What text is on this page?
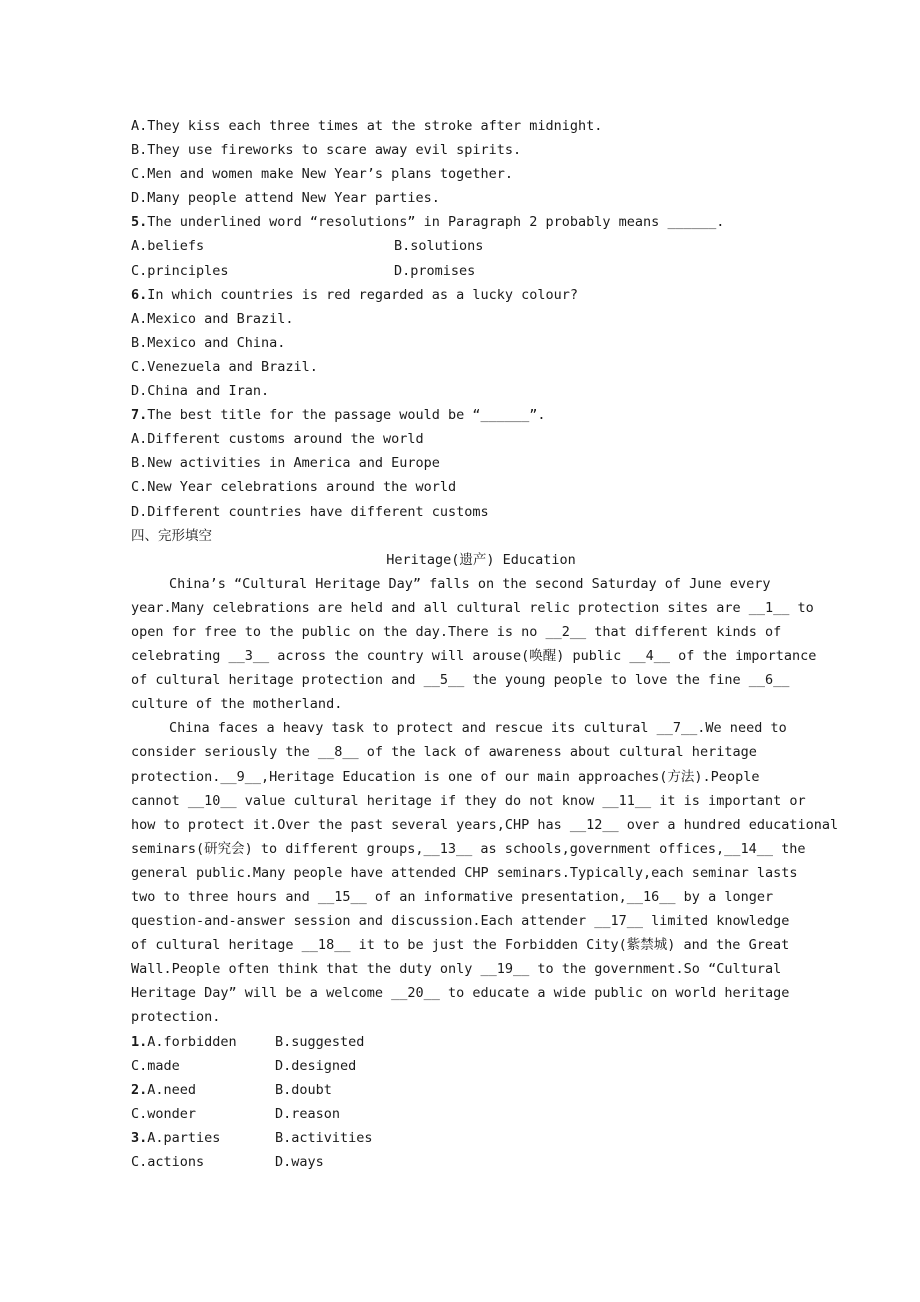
A.They kiss each three times at the stroke after midnight.
B.They use fireworks to scare away evil spirits.
C.Men and women make New Year’s plans together.
D.Many people attend New Year parties.
5.The underlined word “resolutions” in Paragraph 2 probably means ______.
A.beliefs	B.solutions
C.principles	D.promises
6.In which countries is red regarded as a lucky colour?
A.Mexico and Brazil.
B.Mexico and China.
C.Venezuela and Brazil.
D.China and Iran.
7.The best title for the passage would be “______”.
A.Different customs around the world
B.New activities in America and Europe
C.New Year celebrations around the world
D.Different countries have different customs
四、完形填空
Heritage(遗产) Education
China’s “Cultural Heritage Day” falls on the second Saturday of June every
year.Many celebrations are held and all cultural relic protection sites are __1__ to
open for free to the public on the day.There is no __2__ that different kinds of
celebrating __3__ across the country will arouse(唤醒) public __4__ of the importance
of cultural heritage protection and __5__ the young people to love the fine __6__
culture of the motherland.
China faces a heavy task to protect and rescue its cultural __7__.We need to
consider seriously the __8__ of the lack of awareness about cultural heritage
protection.__9__,Heritage Education is one of our main approaches(方法).People
cannot __10__ value cultural heritage if they do not know __11__ it is important or
how to protect it.Over the past several years,CHP has __12__ over a hundred educational
seminars(研究会) to different groups,__13__ as schools,government offices,__14__ the
general public.Many people have attended CHP seminars.Typically,each seminar lasts
two to three hours and __15__ of an informative presentation,__16__ by a longer
question-and-answer session and discussion.Each attender __17__ limited knowledge
of cultural heritage __18__ it to be just the Forbidden City(紫禁城) and the Great
Wall.People often think that the duty only __19__ to the government.So “Cultural
Heritage Day” will be a welcome __20__ to educate a wide public on world heritage
protection.
1.A.forbidden	B.suggested
C.made	D.designed
2.A.need	B.doubt
C.wonder	D.reason
3.A.parties	B.activities
C.actions	D.ways
